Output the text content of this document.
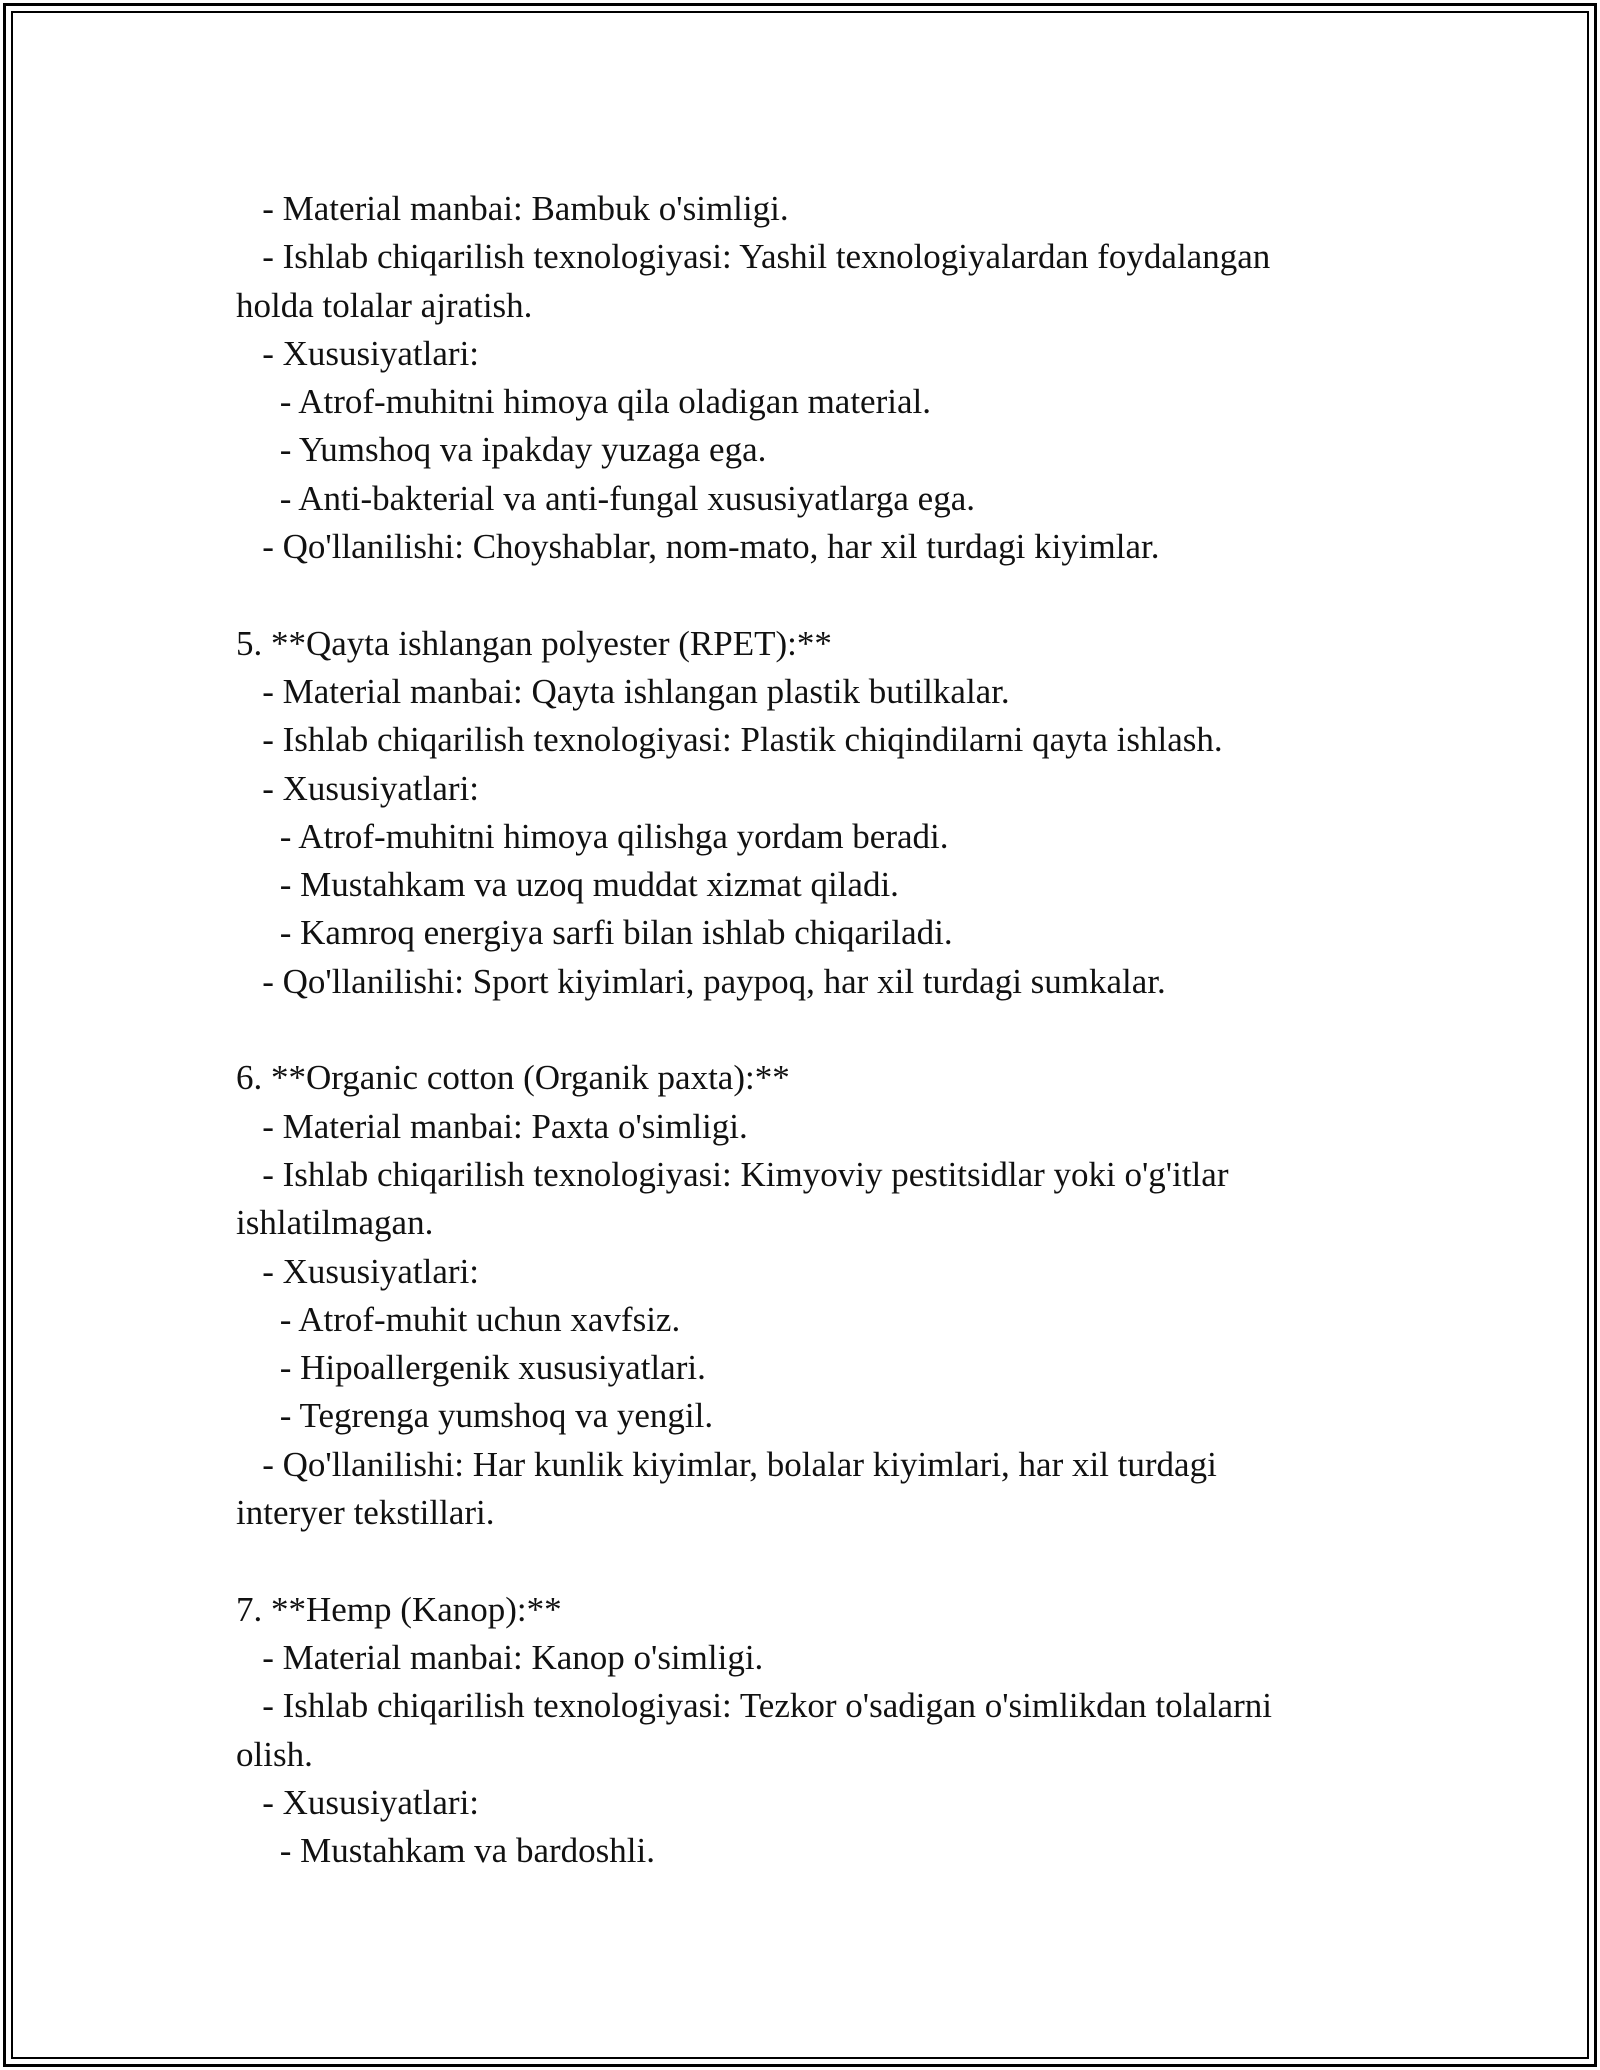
- Material manbai: Bambuk o'simligi.
- Ishlab chiqarilish texnologiyasi: Yashil texnologiyalardan foydalangan
holda tolalar ajratish.
- Xususiyatlari:
- Atrof-muhitni himoya qila oladigan material.
- Yumshoq va ipakday yuzaga ega.
- Anti-bakterial va anti-fungal xususiyatlarga ega.
- Qo'llanilishi: Choyshablar, nom-mato, har xil turdagi kiyimlar.
5. **Qayta ishlangan polyester (RPET):**
- Material manbai: Qayta ishlangan plastik butilkalar.
- Ishlab chiqarilish texnologiyasi: Plastik chiqindilarni qayta ishlash.
- Xususiyatlari:
- Atrof-muhitni himoya qilishga yordam beradi.
- Mustahkam va uzoq muddat xizmat qiladi.
- Kamroq energiya sarfi bilan ishlab chiqariladi.
- Qo'llanilishi: Sport kiyimlari, paypoq, har xil turdagi sumkalar.
6. **Organic cotton (Organik paxta):**
- Material manbai: Paxta o'simligi.
- Ishlab chiqarilish texnologiyasi: Kimyoviy pestitsidlar yoki o'g'itlar
ishlatilmagan.
- Xususiyatlari:
- Atrof-muhit uchun xavfsiz.
- Hipoallergenik xususiyatlari.
- Tegrenga yumshoq va yengil.
- Qo'llanilishi: Har kunlik kiyimlar, bolalar kiyimlari, har xil turdagi
interyer tekstillari.
7. **Hemp (Kanop):**
- Material manbai: Kanop o'simligi.
- Ishlab chiqarilish texnologiyasi: Tezkor o'sadigan o'simlikdan tolalarni
olish.
- Xususiyatlari:
- Mustahkam va bardoshli.
